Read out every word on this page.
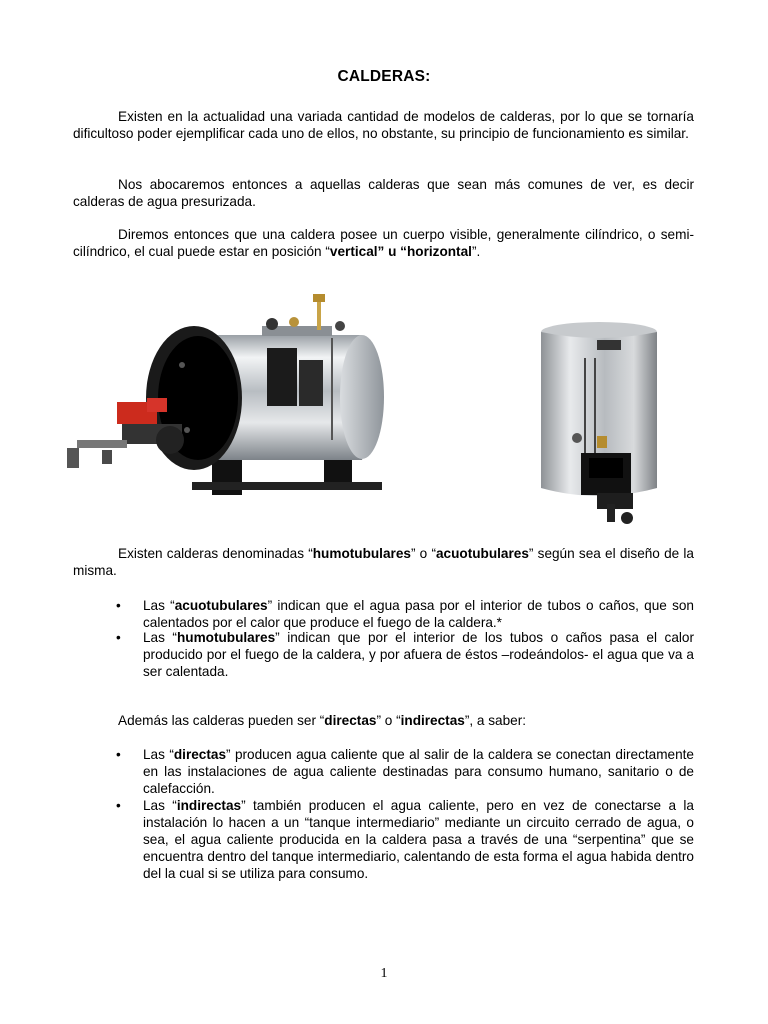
CALDERAS:

Existen en la actualidad una variada cantidad de modelos de calderas, por lo que se tornaría dificultoso poder ejemplificar cada uno de ellos, no obstante, su principio de funcionamiento es similar.

Nos abocaremos entonces a aquellas calderas que sean más comunes de ver, es decir calderas de agua presurizada.

Diremos entonces que una caldera posee un cuerpo visible, generalmente cilíndrico, o semi-cilíndrico, el cual puede estar en posición “vertical” u “horizontal”.

Existen calderas denominadas “humotubulares” o “acuotubulares” según sea el diseño de la misma.

• Las “acuotubulares” indican que el agua pasa por el interior de tubos o caños, que son calentados por el calor que produce el fuego de la caldera.*

• Las “humotubulares” indican que por el interior de los tubos o caños pasa el calor producido por el fuego de la caldera, y por afuera de éstos –rodeándolos- el agua que va a ser calentada.

Además las calderas pueden ser “directas” o “indirectas”, a saber:

• Las “directas” producen agua caliente que al salir de la caldera se conectan directamente en las instalaciones de agua caliente destinadas para consumo humano, sanitario o de calefacción.

• Las “indirectas” también producen el agua caliente, pero en vez de conectarse a la instalación lo hacen a un “tanque intermediario” mediante un circuito cerrado de agua, o sea, el agua caliente producida en la caldera pasa a través de una “serpentina” que se encuentra dentro del tanque intermediario, calentando de esta forma el agua habida dentro del la cual si se utiliza para consumo.

1
